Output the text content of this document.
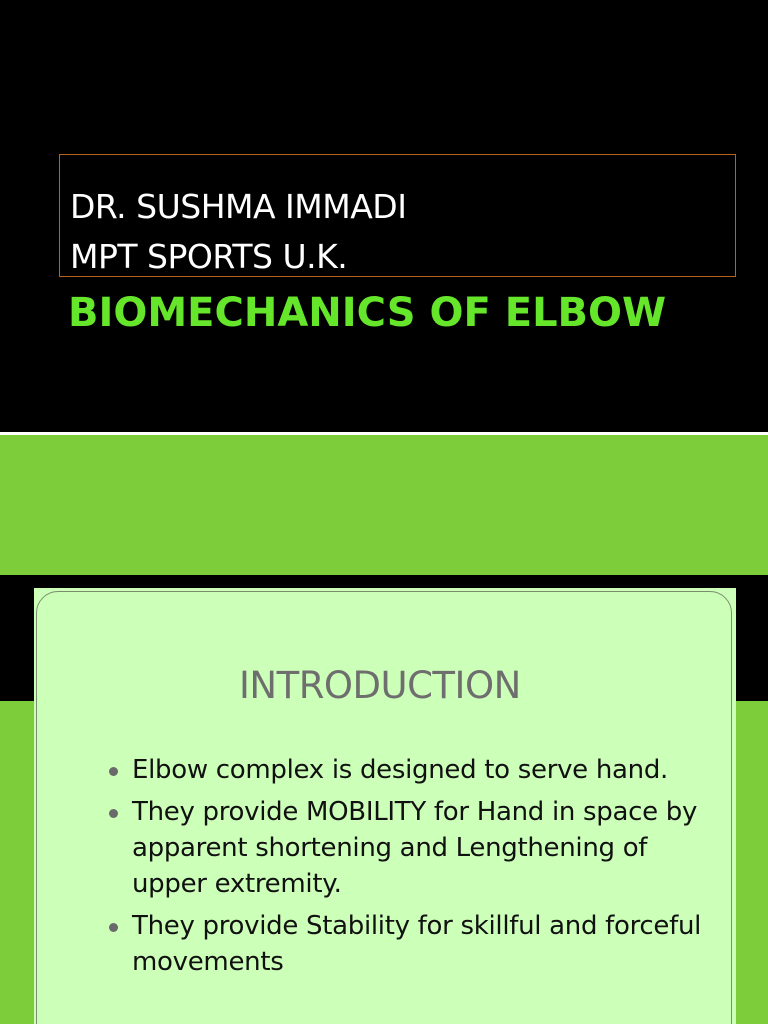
DR. SUSHMA IMMADI
MPT SPORTS U.K.
BIOMECHANICS OF ELBOW
INTRODUCTION
Elbow complex is designed to serve hand.
They provide MOBILITY for Hand in space by apparent shortening and Lengthening of upper extremity.
They provide Stability for skillful and forceful movements
